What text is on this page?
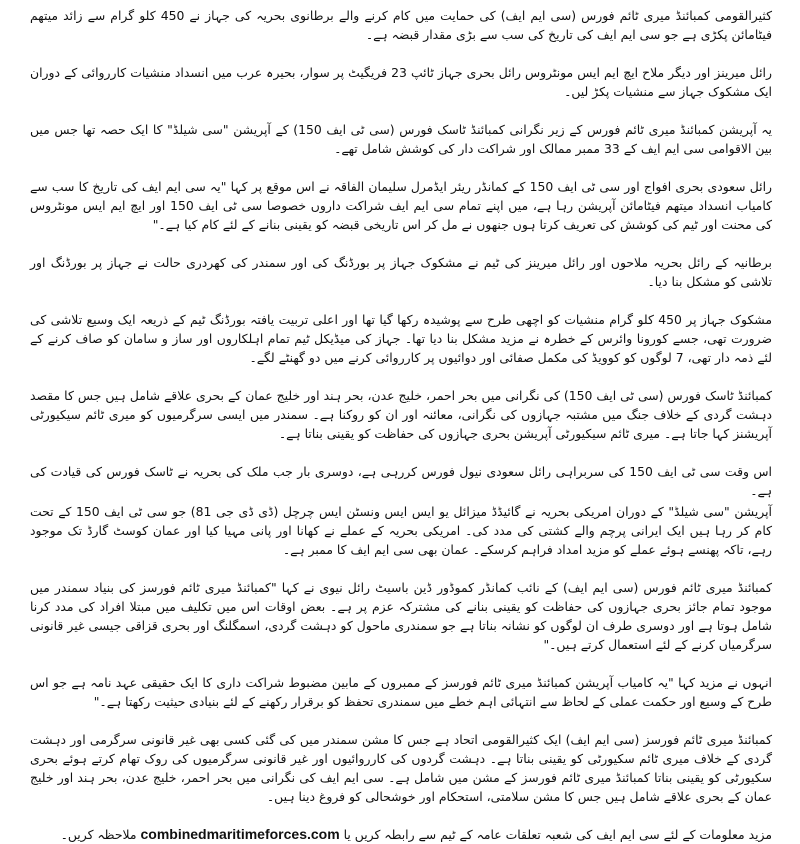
کثیرالقومی کمبائنڈ میری ٹائم فورس (سی ایم ایف) کی حمایت میں کام کرنے والے برطانوی بحریہ کی جہاز نے 450 کلو گرام سے زائد میتھم فیٹامائن پکڑی ہے جو سی ایم ایف کی تاریخ کی سب سے بڑی مقدار قبضہ ہے۔

رائل میرینز اور دیگر ملاح ایچ ایم ایس مونٹروس رائل بحری جہاز ٹائپ 23 فریگیٹ پر سوار، بحیرہ عرب میں انسداد منشیات کارروائی کے دوران ایک مشکوک جہاز سے منشیات پکڑ لیں۔

یہ آپریشن کمبائنڈ میری ٹائم فورس کے زیر نگرانی کمبائنڈ ٹاسک فورس (سی ٹی ایف 150) کے آپریشن "سی شیلڈ" کا ایک حصہ تھا جس میں بین الاقوامی سی ایم ایف کے 33 ممبر ممالک اور شراکت دار کی کوشش شامل تھے۔

رائل سعودی بحری افواج اور سی ٹی ایف 150 کے کمانڈر ریئر ایڈمرل سلیمان الفاقہ نے اس موقع پر کہا "یہ سی ایم ایف کی تاریخ کا سب سے کامیاب انسداد میتھم فیٹامائن آپریشن رہا ہے، میں اپنے تمام سی ایم ایف شراکت داروں خصوصا سی ٹی ایف 150 اور ایچ ایم ایس مونٹروس کی محنت اور ٹیم کی کوشش کی تعریف کرتا ہوں جنھوں نے مل کر اس تاریخی قبضہ کو یقینی بنانے کے لئے کام کیا ہے۔"

برطانیہ کے رائل بحریہ ملاحوں اور رائل میرینز کی ٹیم نے مشکوک جہاز پر بورڈنگ کی اور سمندر کی کھردری حالت نے جہاز پر بورڈنگ اور تلاشی کو مشکل بنا دیا۔

مشکوک جہاز پر 450 کلو گرام منشیات کو اچھی طرح سے پوشیدہ رکھا گیا تھا اور اعلی تربیت یافتہ بورڈنگ ٹیم کے ذریعہ ایک وسیع تلاشی کی ضرورت تھی، جسے کورونا وائرس کے خطرہ نے مزید مشکل بنا دیا تھا۔ جہاز کی میڈیکل ٹیم تمام اہلکاروں اور ساز و سامان کو صاف کرنے کے لئے ذمہ دار تھی، 7 لوگوں کو کوویڈ کی مکمل صفائی اور دوائیوں پر کارروائی کرنے میں دو گھنٹے لگے۔

کمبائنڈ ٹاسک فورس (سی ٹی ایف 150) کی نگرانی میں بحر احمر، خلیج عدن، بحر ہند اور خلیج عمان کے بحری علاقے شامل ہیں جس کا مقصد دہشت گردی کے خلاف جنگ میں مشتبہ جہازوں کی نگرانی، معائنہ اور ان کو روکنا ہے۔ سمندر میں ایسی سرگرمیوں کو میری ٹائم سیکیورٹی آپریشنز کہا جاتا ہے۔ میری ٹائم سیکیورٹی آپریشن بحری جہازوں کی حفاظت کو یقینی بناتا ہے۔

اس وقت سی ٹی ایف 150 کی سربراہی رائل سعودی نیول فورس کررہی ہے، دوسری بار جب ملک کی بحریہ نے ٹاسک فورس کی قیادت کی ہے۔

آپریشن "سی شیلڈ" کے دوران امریکی بحریہ نے گائیڈڈ میزائل یو ایس ایس ونسٹن ایس چرچل (ڈی ڈی جی 81) جو سی ٹی ایف 150 کے تحت کام کر رہا ہیں ایک ایرانی پرچم والے کشتی کی مدد کی۔ امریکی بحریہ کے عملے نے کھانا اور پانی مہیا کیا اور عمان کوسٹ گارڈ تک موجود رہے، تاکہ پھنسے ہوئے عملے کو مزید امداد فراہم کرسکے۔ عمان بھی سی ایم ایف کا ممبر ہے۔

کمبائنڈ میری ٹائم فورس (سی ایم ایف) کے نائب کمانڈر کموڈور ڈین باسیٹ رائل نیوی نے کہا "کمبائنڈ میری ٹائم فورسز کی بنیاد سمندر میں موجود تمام جائز بحری جہازوں کی حفاظت کو یقینی بنانے کی مشترکہ عزم پر ہے۔ بعض اوقات اس میں تکلیف میں مبتلا افراد کی مدد کرنا شامل ہوتا ہے اور دوسری طرف ان لوگوں کو نشانہ بناتا ہے جو سمندری ماحول کو دہشت گردی، اسمگلنگ اور بحری قزاقی جیسی غیر قانونی سرگرمیاں کرنے کے لئے استعمال کرتے ہیں۔"

انہوں نے مزید کہا "یہ کامیاب آپریشن کمبائنڈ میری ٹائم فورسز کے ممبروں کے مابین مضبوط شراکت داری کا ایک حقیقی عہد نامہ ہے جو اس طرح کے وسیع اور حکمت عملی کے لحاظ سے انتہائی اہم خطے میں سمندری تحفظ کو برقرار رکھنے کے لئے بنیادی حیثیت رکھتا ہے۔"

کمبائنڈ میری ٹائم فورسز (سی ایم ایف) ایک کثیرالقومی اتحاد ہے جس کا مشن سمندر میں کی گئی کسی بھی غیر قانونی سرگرمی اور دہشت گردی کے خلاف میری ٹائم سکیورٹی کو یقینی بناتا ہے۔ دہشت گردوں کی کارروائیوں اور غیر قانونی سرگرمیوں کی روک تھام کرتے ہوئے بحری سکیورٹی کو یقینی بناتا کمبائنڈ میری ٹائم فورسز کے مشن میں شامل ہے۔ سی ایم ایف کی نگرانی میں بحر احمر، خلیج عدن، بحر ہند اور خلیج عمان کے بحری علاقے شامل ہیں جس کا مشن سلامتی، استحکام اور خوشحالی کو فروغ دینا ہیں۔

مزید معلومات کے لئے سی ایم ایف کی شعبہ تعلقات عامہ کے ٹیم سے رابطہ کریں یا combinedmaritimeforces.com ملاحظہ کریں۔
